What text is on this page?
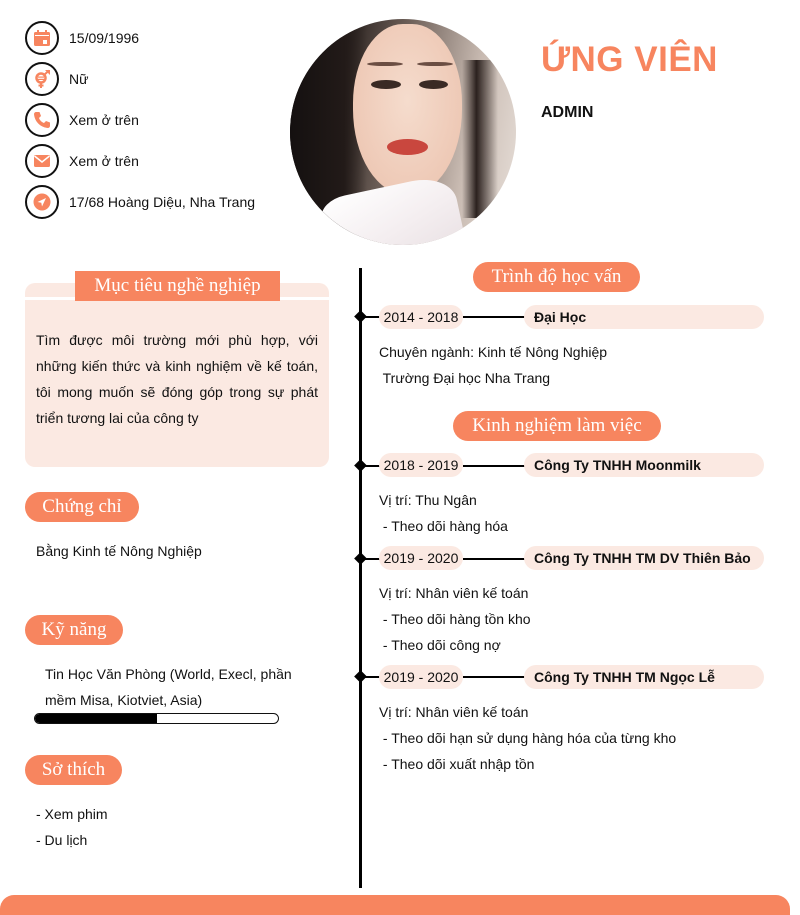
15/09/1996
Nữ
Xem ở trên
Xem ở trên
17/68 Hoàng Diệu, Nha Trang
ỨNG VIÊN
ADMIN
Mục tiêu nghề nghiệp
Tìm được môi trường mới phù hợp, với những kiến thức và kinh nghiệm về kế toán, tôi mong muốn sẽ đóng góp trong sự phát triển tương lai của công ty
Chứng chỉ
Bằng Kinh tế Nông Nghiệp
Kỹ năng
Tin Học Văn Phòng (World, Execl, phần mềm Misa, Kiotviet, Asia)
Sở thích
- Xem phim
- Du lịch
Trình độ học vấn
2014 - 2018	Đại Học
Chuyên ngành: Kinh tế Nông Nghiệp
Trường Đại học Nha Trang
Kinh nghiệm làm việc
2018 - 2019	Công Ty TNHH Moonmilk
Vị trí: Thu Ngân
- Theo dõi hàng hóa
2019 - 2020	Công Ty TNHH TM DV Thiên Bảo
Vị trí: Nhân viên kế toán
- Theo dõi hàng tồn kho
- Theo dõi công nợ
2019 - 2020	Công Ty TNHH TM Ngọc Lễ
Vị trí: Nhân viên kế toán
- Theo dõi hạn sử dụng hàng hóa của từng kho
- Theo dõi xuất nhập tồn
